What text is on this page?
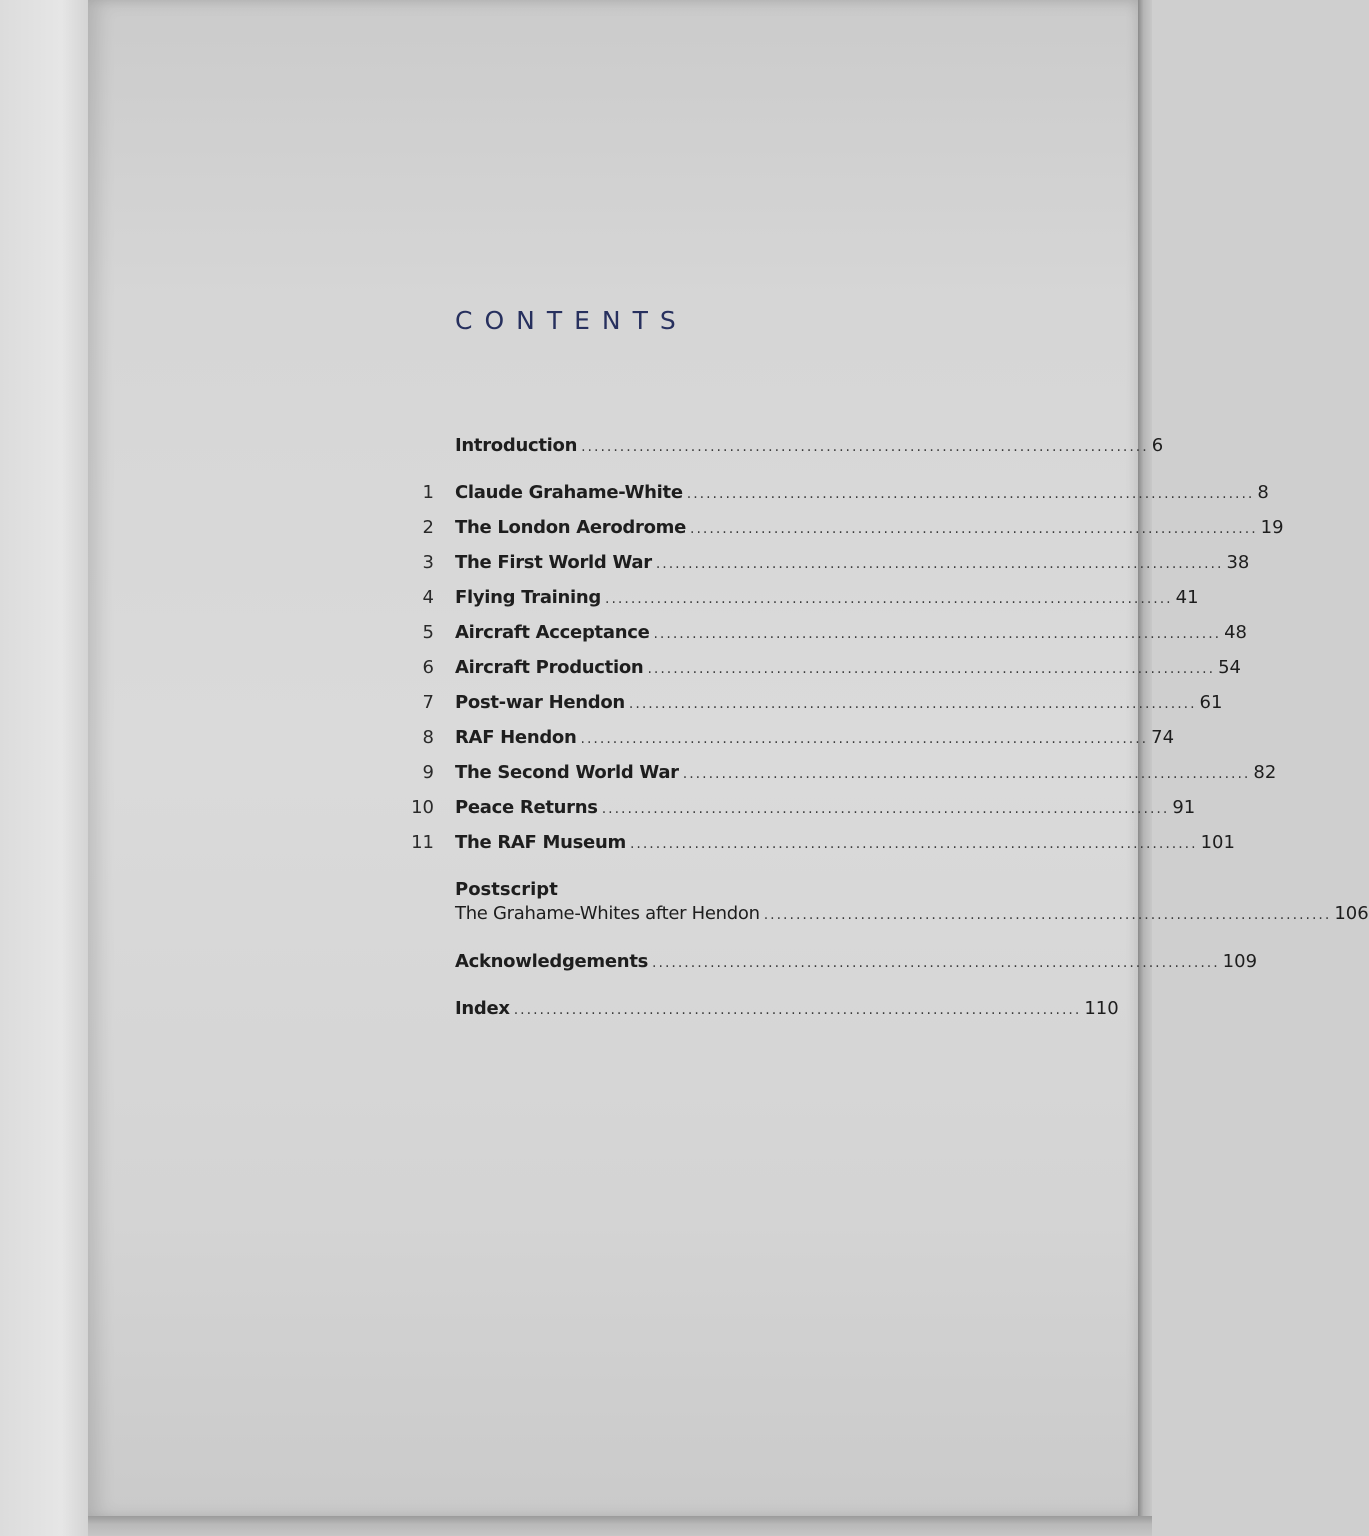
CONTENTS
Introduction ........................................................................................ 6
1 Claude Grahame-White ........................................................................................ 8
2 The London Aerodrome ........................................................................................ 19
3 The First World War ........................................................................................ 38
4 Flying Training ........................................................................................ 41
5 Aircraft Acceptance ........................................................................................ 48
6 Aircraft Production ........................................................................................ 54
7 Post-war Hendon ........................................................................................ 61
8 RAF Hendon ........................................................................................ 74
9 The Second World War ........................................................................................ 82
10 Peace Returns ........................................................................................ 91
11 The RAF Museum ........................................................................................ 101
Postscript
The Grahame-Whites after Hendon ........................................................................................ 106
Acknowledgements ........................................................................................ 109
Index ........................................................................................ 110
